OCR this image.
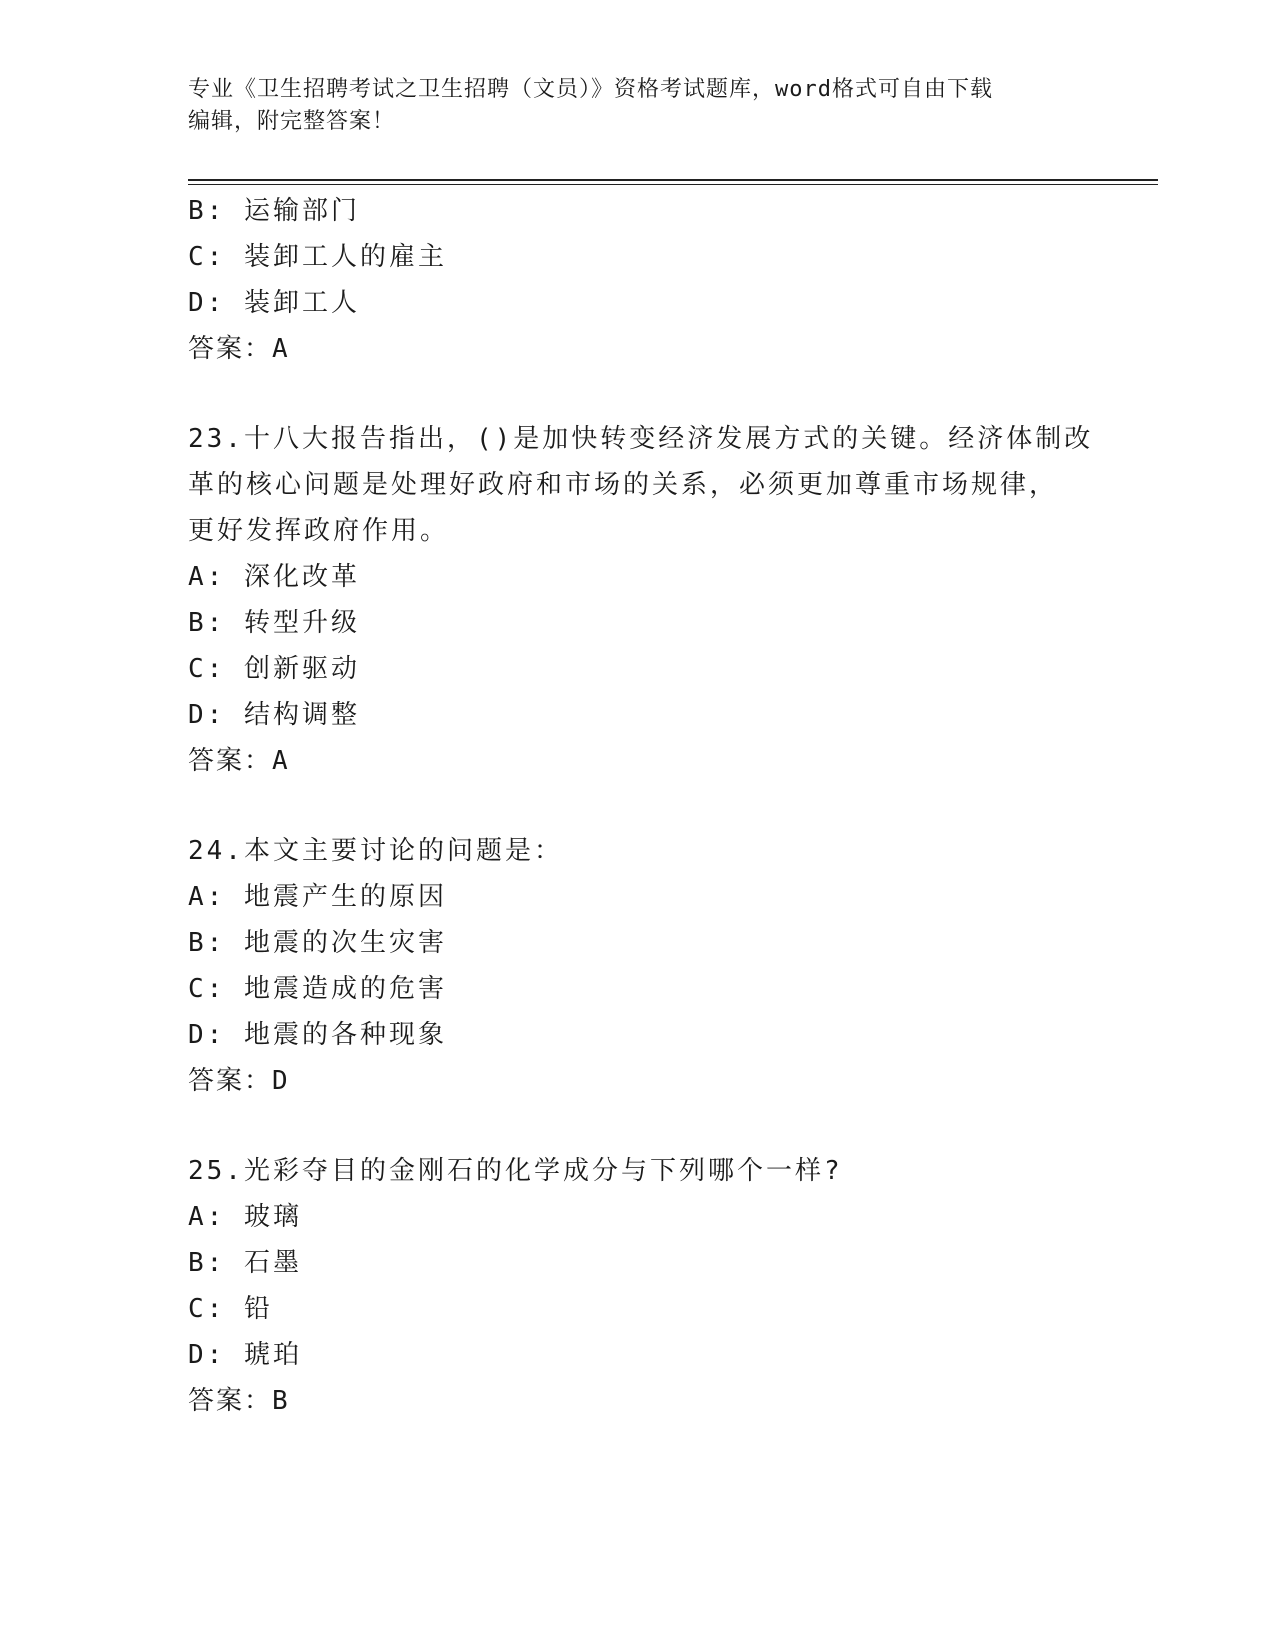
专业《卫生招聘考试之卫生招聘（文员）》资格考试题库，word格式可自由下载
编辑，附完整答案！
B: 运输部门
C: 装卸工人的雇主
D: 装卸工人
答案：A
23.十八大报告指出，()是加快转变经济发展方式的关键。经济体制改
革的核心问题是处理好政府和市场的关系，必须更加尊重市场规律，
更好发挥政府作用。
A: 深化改革
B: 转型升级
C: 创新驱动
D: 结构调整
答案：A
24.本文主要讨论的问题是：
A: 地震产生的原因
B: 地震的次生灾害
C: 地震造成的危害
D: 地震的各种现象
答案：D
25.光彩夺目的金刚石的化学成分与下列哪个一样?
A: 玻璃
B: 石墨
C: 铅
D: 琥珀
答案：B
